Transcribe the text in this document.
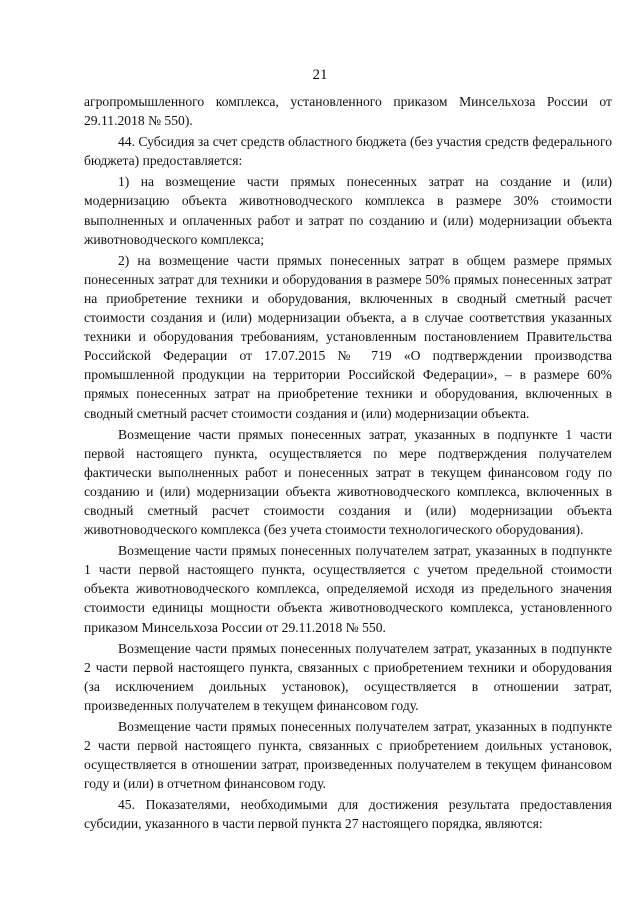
21

агропромышленного комплекса, установленного приказом Минсельхоза России от 29.11.2018 № 550).

44. Субсидия за счет средств областного бюджета (без участия средств федерального бюджета) предоставляется:

1) на возмещение части прямых понесенных затрат на создание и (или) модернизацию объекта животноводческого комплекса в размере 30% стоимости выполненных и оплаченных работ и затрат по созданию и (или) модернизации объекта животноводческого комплекса;

2) на возмещение части прямых понесенных затрат в общем размере прямых понесенных затрат для техники и оборудования в размере 50% прямых понесенных затрат на приобретение техники и оборудования, включенных в сводный сметный расчет стоимости создания и (или) модернизации объекта, а в случае соответствия указанных техники и оборудования требованиям, установленным постановлением Правительства Российской Федерации от 17.07.2015 № 719 «О подтверждении производства промышленной продукции на территории Российской Федерации», – в размере 60% прямых понесенных затрат на приобретение техники и оборудования, включенных в сводный сметный расчет стоимости создания и (или) модернизации объекта.

Возмещение части прямых понесенных затрат, указанных в подпункте 1 части первой настоящего пункта, осуществляется по мере подтверждения получателем фактически выполненных работ и понесенных затрат в текущем финансовом году по созданию и (или) модернизации объекта животноводческого комплекса, включенных в сводный сметный расчет стоимости создания и (или) модернизации объекта животноводческого комплекса (без учета стоимости технологического оборудования).

Возмещение части прямых понесенных получателем затрат, указанных в подпункте 1 части первой настоящего пункта, осуществляется с учетом предельной стоимости объекта животноводческого комплекса, определяемой исходя из предельного значения стоимости единицы мощности объекта животноводческого комплекса, установленного приказом Минсельхоза России от 29.11.2018 № 550.

Возмещение части прямых понесенных получателем затрат, указанных в подпункте 2 части первой настоящего пункта, связанных с приобретением техники и оборудования (за исключением доильных установок), осуществляется в отношении затрат, произведенных получателем в текущем финансовом году.

Возмещение части прямых понесенных получателем затрат, указанных в подпункте 2 части первой настоящего пункта, связанных с приобретением доильных установок, осуществляется в отношении затрат, произведенных получателем в текущем финансовом году и (или) в отчетном финансовом году.

45. Показателями, необходимыми для достижения результата предоставления субсидии, указанного в части первой пункта 27 настоящего порядка, являются:
